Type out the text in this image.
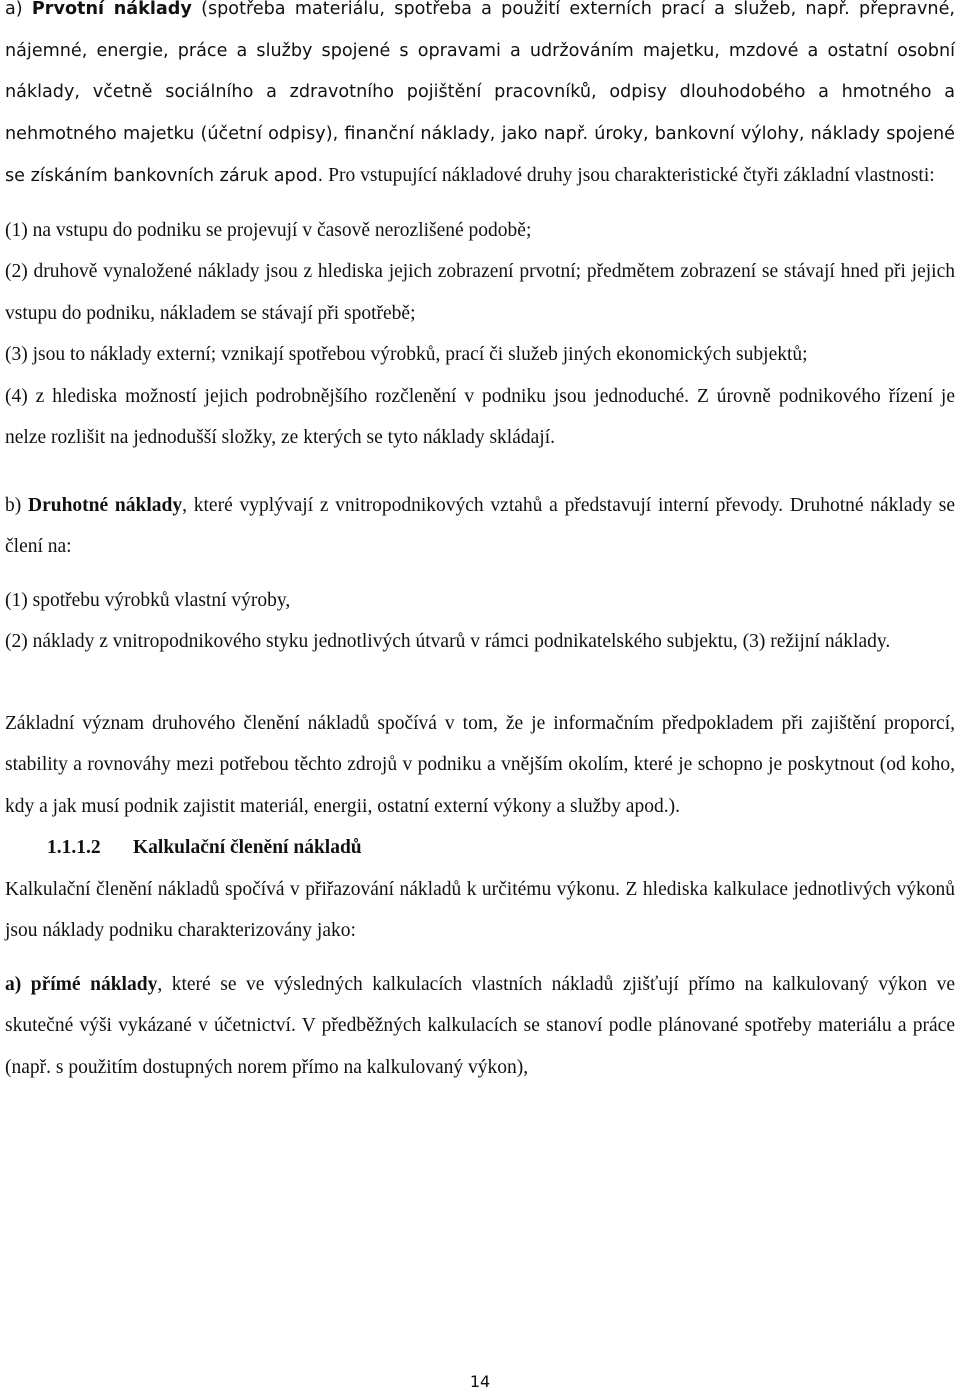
a) Prvotní náklady (spotřeba materiálu, spotřeba a použití externích prací a služeb, např. přepravné, nájemné, energie, práce a služby spojené s opravami a udržováním majetku, mzdové a ostatní osobní náklady, včetně sociálního a zdravotního pojištění pracovníků, odpisy dlouhodobého a hmotného a nehmotného majetku (účetní odpisy), finanční náklady, jako např. úroky, bankovní výlohy, náklady spojené se získáním bankovních záruk apod. Pro vstupující nákladové druhy jsou charakteristické čtyři základní vlastnosti:

(1) na vstupu do podniku se projevují v časově nerozlišené podobě;

(2) druhově vynaložené náklady jsou z hlediska jejich zobrazení prvotní; předmětem zobrazení se stávají hned při jejich vstupu do podniku, nákladem se stávají při spotřebě;

(3) jsou to náklady externí; vznikají spotřebou výrobků, prací či služeb jiných ekonomických subjektů;

(4) z hlediska možností jejich podrobnějšího rozčlenění v podniku jsou jednoduché. Z úrovně podnikového řízení je nelze rozlišit na jednodušší složky, ze kterých se tyto náklady skládají.

b) Druhotné náklady, které vyplývají z vnitropodnikových vztahů a představují interní převody. Druhotné náklady se člení na:

(1) spotřebu výrobků vlastní výroby,

(2) náklady z vnitropodnikového styku jednotlivých útvarů v rámci podnikatelského subjektu, (3) režijní náklady.

Základní význam druhového členění nákladů spočívá v tom, že je informačním předpokladem při zajištění proporcí, stability a rovnováhy mezi potřebou těchto zdrojů v podniku a vnějším okolím, které je schopno je poskytnout (od koho, kdy a jak musí podnik zajistit materiál, energii, ostatní externí výkony a služby apod.).

1.1.1.2 Kalkulační členění nákladů

Kalkulační členění nákladů spočívá v přiřazování nákladů k určitému výkonu. Z hlediska kalkulace jednotlivých výkonů jsou náklady podniku charakterizovány jako:

a) přímé náklady, které se ve výsledných kalkulacích vlastních nákladů zjišťují přímo na kalkulovaný výkon ve skutečné výši vykázané v účetnictví. V předběžných kalkulacích se stanoví podle plánované spotřeby materiálu a práce (např. s použitím dostupných norem přímo na kalkulovaný výkon),

14
